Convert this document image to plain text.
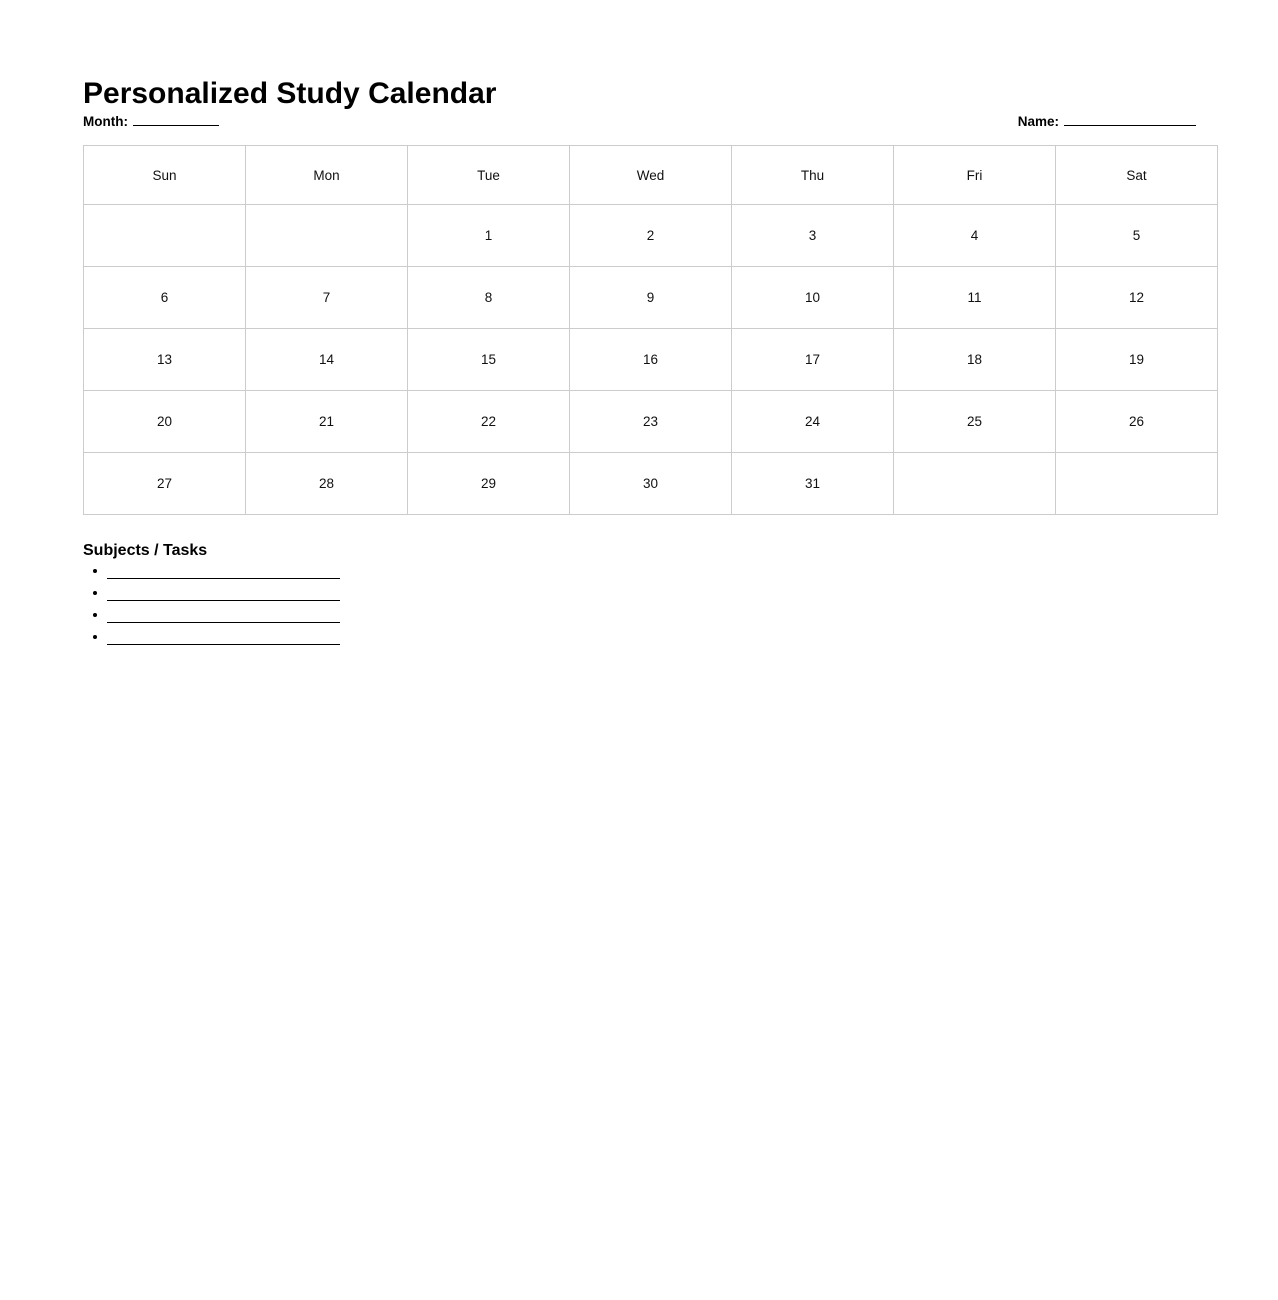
Personalized Study Calendar
Month:	Name:
Sun	Mon	Tue	Wed	Thu	Fri	Sat
		1	2	3	4	5
6	7	8	9	10	11	12
13	14	15	16	17	18	19
20	21	22	23	24	25	26
27	28	29	30	31		
Subjects / Tasks
